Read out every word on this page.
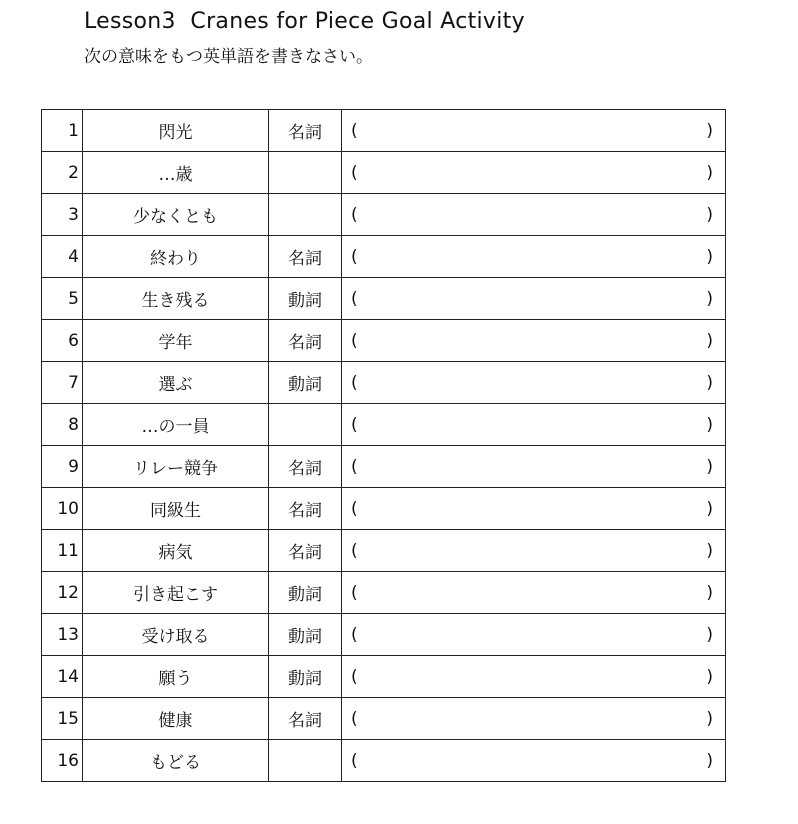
Lesson3  Cranes for Piece Goal Activity
次の意味をもつ英単語を書きなさい。
1	閃光	名詞	( )

2	…歳		( )

3	少なくとも		( )

4	終わり	名詞	( )

5	生き残る	動詞	( )

6	学年	名詞	( )

7	選ぶ	動詞	( )

8	…の一員		( )

9	リレー競争	名詞	( )

10	同級生	名詞	( )

11	病気	名詞	( )

12	引き起こす	動詞	( )

13	受け取る	動詞	( )

14	願う	動詞	( )

15	健康	名詞	( )

16	もどる		( )
